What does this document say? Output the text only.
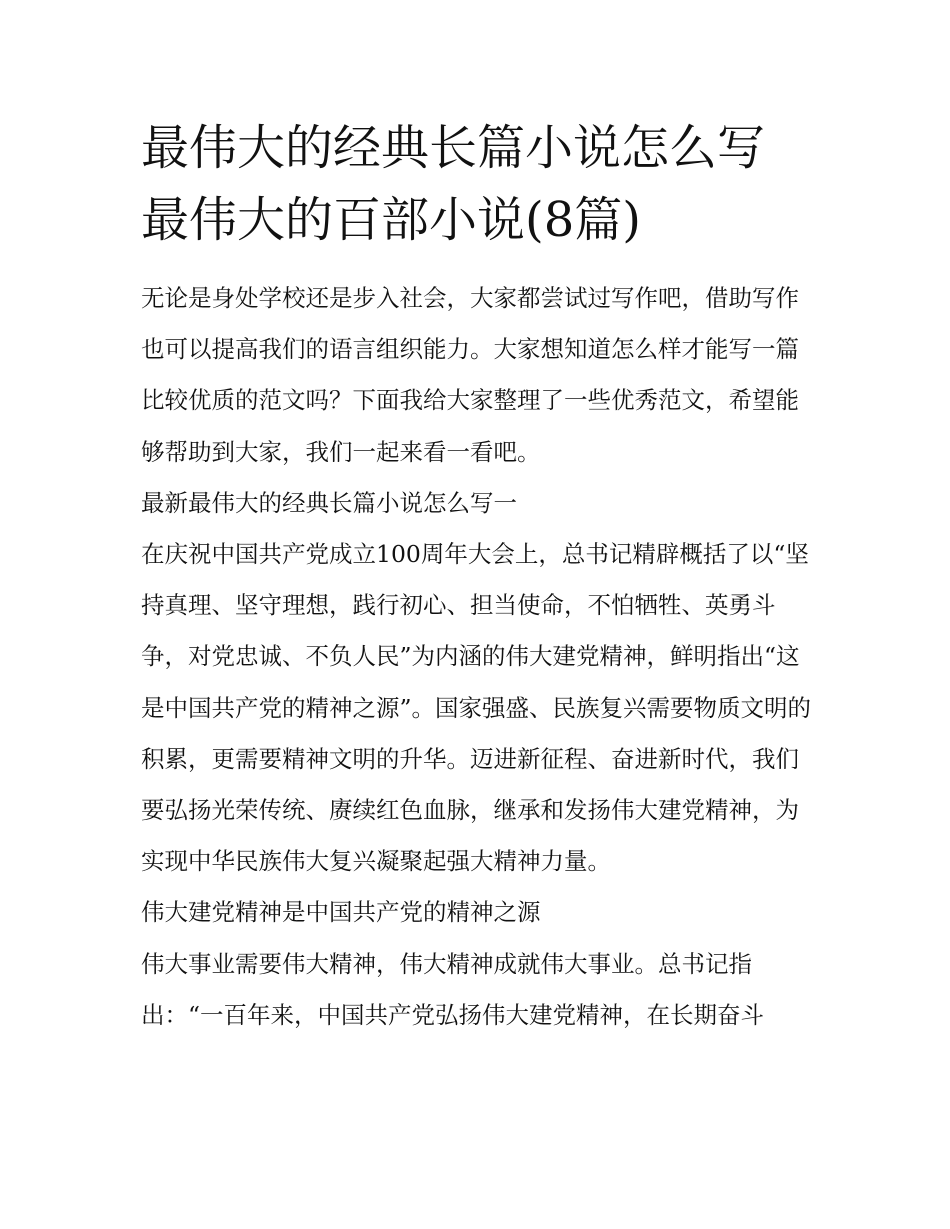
最伟大的经典长篇小说怎么写
最伟大的百部小说(8篇)

无论是身处学校还是步入社会，大家都尝试过写作吧，借助写作也可以提高我们的语言组织能力。大家想知道怎么样才能写一篇比较优质的范文吗？下面我给大家整理了一些优秀范文，希望能够帮助到大家，我们一起来看一看吧。

最新最伟大的经典长篇小说怎么写一

在庆祝中国共产党成立100周年大会上，总书记精辟概括了以“坚持真理、坚守理想，践行初心、担当使命，不怕牺牲、英勇斗争，对党忠诚、不负人民”为内涵的伟大建党精神，鲜明指出“这是中国共产党的精神之源”。国家强盛、民族复兴需要物质文明的积累，更需要精神文明的升华。迈进新征程、奋进新时代，我们要弘扬光荣传统、赓续红色血脉，继承和发扬伟大建党精神，为实现中华民族伟大复兴凝聚起强大精神力量。

伟大建党精神是中国共产党的精神之源

伟大事业需要伟大精神，伟大精神成就伟大事业。总书记指出：“一百年来，中国共产党弘扬伟大建党精神，在长期奋斗
